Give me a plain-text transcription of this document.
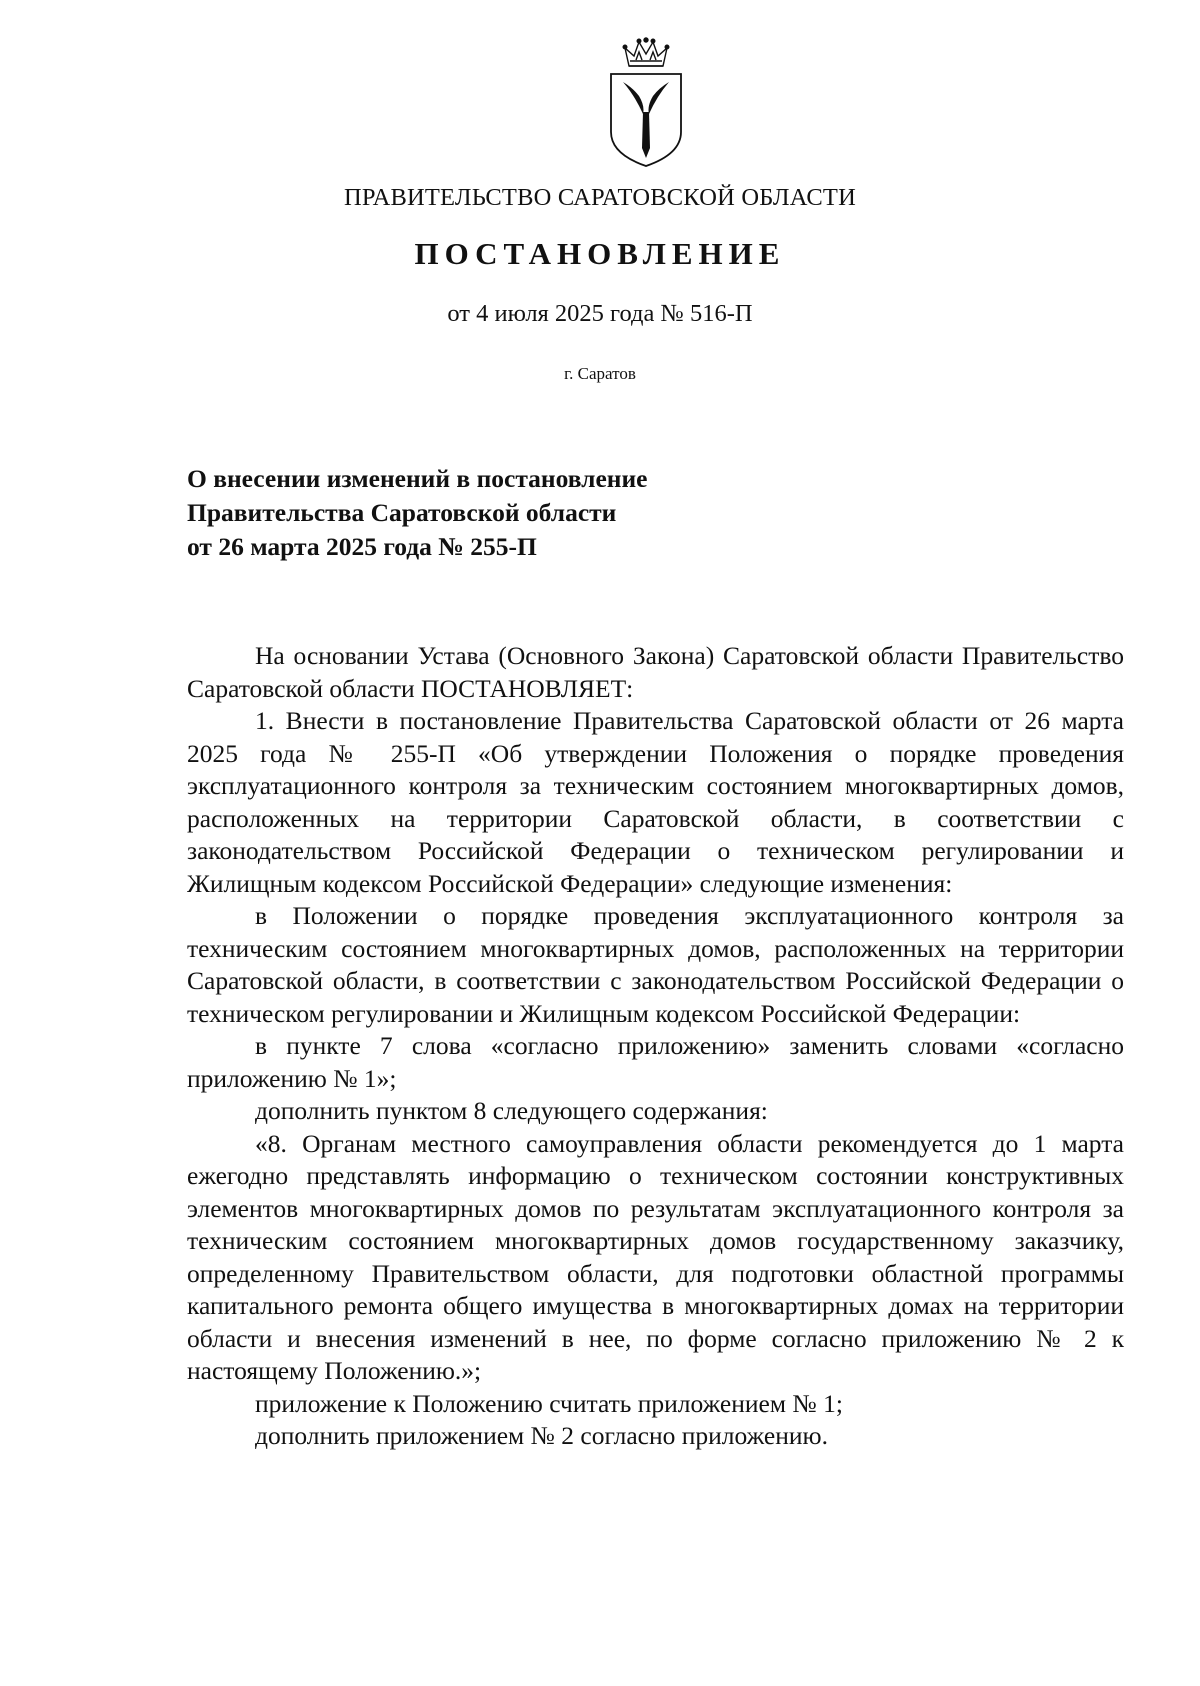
ПРАВИТЕЛЬСТВО САРАТОВСКОЙ ОБЛАСТИ
ПОСТАНОВЛЕНИЕ
от 4 июля 2025 года № 516-П
г. Саратов
О внесении изменений в постановление
Правительства Саратовской области
от 26 марта 2025 года № 255-П

На основании Устава (Основного Закона) Саратовской области Правительство Саратовской области ПОСТАНОВЛЯЕТ:

1. Внести в постановление Правительства Саратовской области от 26 марта 2025 года № 255-П «Об утверждении Положения о порядке проведения эксплуатационного контроля за техническим состоянием многоквартирных домов, расположенных на территории Саратовской области, в соответствии с законодательством Российской Федерации о техническом регулировании и Жилищным кодексом Российской Федерации» следующие изменения:

в Положении о порядке проведения эксплуатационного контроля за техническим состоянием многоквартирных домов, расположенных на территории Саратовской области, в соответствии с законодательством Российской Федерации о техническом регулировании и Жилищным кодексом Российской Федерации:

в пункте 7 слова «согласно приложению» заменить словами «согласно приложению № 1»;

дополнить пунктом 8 следующего содержания:

«8. Органам местного самоуправления области рекомендуется до 1 марта ежегодно представлять информацию о техническом состоянии конструктивных элементов многоквартирных домов по результатам эксплуатационного контроля за техническим состоянием многоквартирных домов государственному заказчику, определенному Правительством области, для подготовки областной программы капитального ремонта общего имущества в многоквартирных домах на территории области и внесения изменений в нее, по форме согласно приложению № 2 к настоящему Положению.»;

приложение к Положению считать приложением № 1;

дополнить приложением № 2 согласно приложению.
